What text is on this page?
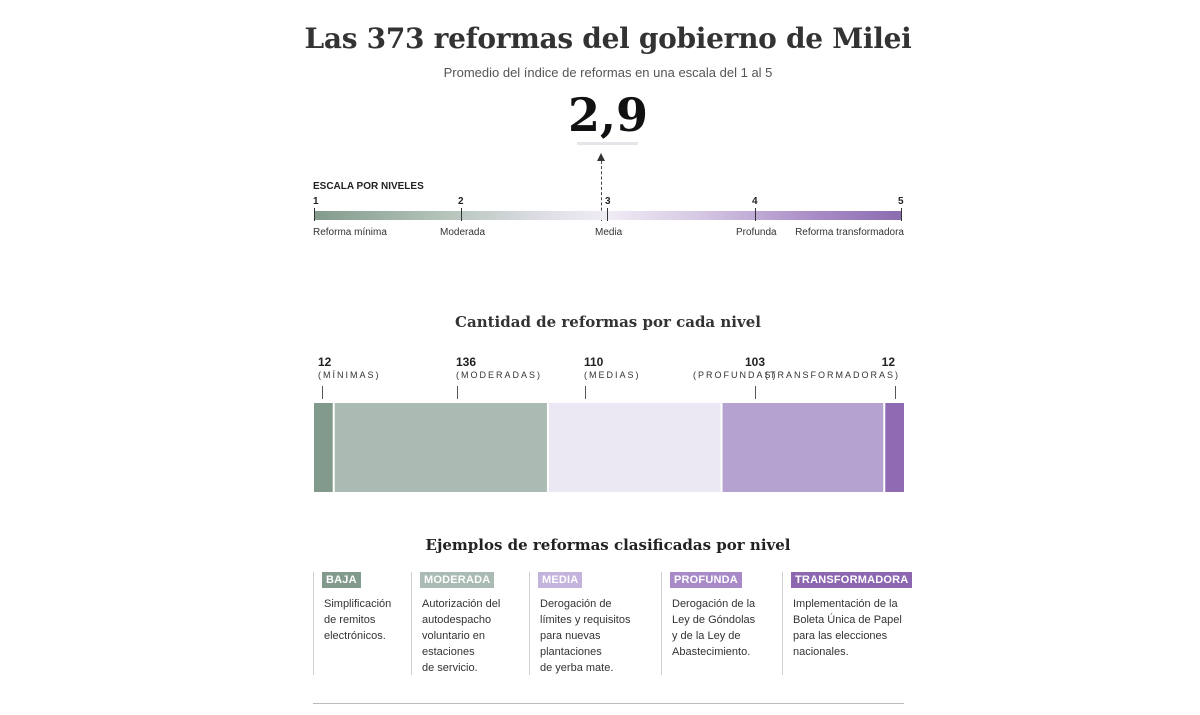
Las 373 reformas del gobierno de Milei
Promedio del índice de reformas en una escala del 1 al 5
2,9
ESCALA POR NIVELES
1	2	3	4	5
Reforma mínima	Moderada	Media	Profunda Reforma transformadora
Cantidad de reformas por cada nivel
12	136	110	103	12
(MÍNIMAS)	(MODERADAS)	(MEDIAS)	(PROFUNDAS)
(TRANSFORMADORAS)
Ejemplos de reformas clasificadas por nivel
BAJA
Simplificación
de remitos
electrónicos.
MODERADA
Autorización del
autodespacho
voluntario en
estaciones
de servicio.
MEDIA
Derogación de
límites y requisitos
para nuevas
plantaciones
de yerba mate.
PROFUNDA
Derogación de la
Ley de Góndolas
y de la Ley de
Abastecimiento.
TRANSFORMADORA
Implementación de la
Boleta Única de Papel
para las elecciones
nacionales.
